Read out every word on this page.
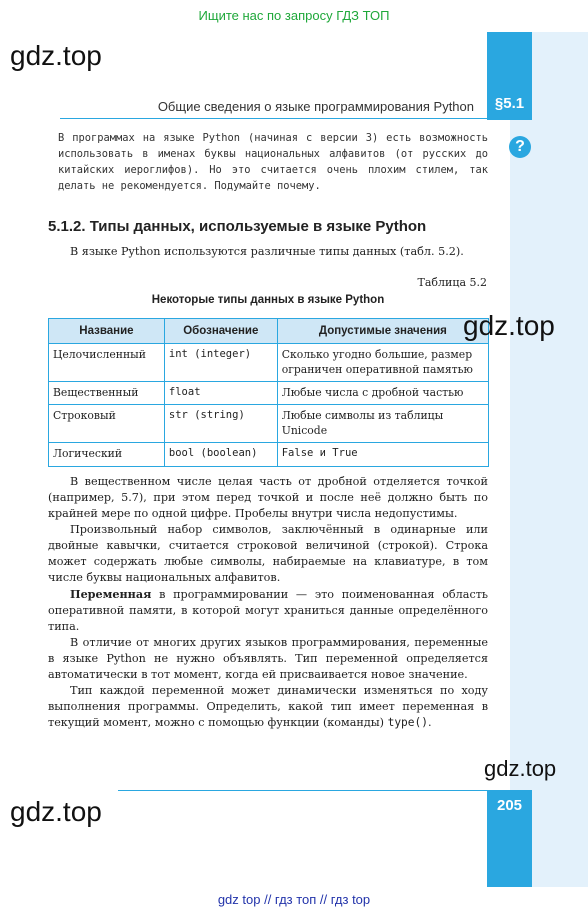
Ищите нас по запросу ГДЗ ТОП
gdz.top
Общие сведения о языке программирования Python	§5.1

В программах на языке Python (начиная с версии 3) есть возможность использовать в именах буквы национальных алфавитов (от русских до китайских иероглифов). Но это считается очень плохим стилем, так делать не рекомендуется. Подумайте почему.

?
5.1.2. Типы данных, используемые в языке Python

В языке Python используются различные типы данных (табл. 5.2).

Таблица 5.2
Некоторые типы данных в языке Python
Название	Обозначение	Допустимые значения
Целочисленный	int (integer)	Сколько угодно большие, размер ограничен оперативной памятью
Вещественный	float	Любые числа с дробной частью
Строковый	str (string)	Любые символы из таблицы Unicode
Логический	bool (boolean)	False и True
gdz.top

В вещественном числе целая часть от дробной отделяется точкой (например, 5.7), при этом перед точкой и после неё должно быть по крайней мере по одной цифре. Пробелы внутри числа недопустимы.

Произвольный набор символов, заключённый в одинарные или двойные кавычки, считается строковой величиной (строкой). Строка может содержать любые символы, набираемые на клавиатуре, в том числе буквы национальных алфавитов.

Переменная в программировании — это поименованная область оперативной памяти, в которой могут храниться данные определённого типа.

В отличие от многих других языков программирования, переменные в языке Python не нужно объявлять. Тип переменной определяется автоматически в тот момент, когда ей присваивается новое значение.

Тип каждой переменной может динамически изменяться по ходу выполнения программы. Определить, какой тип имеет переменная в текущий момент, можно с помощью функции (команды) type().

gdz.top
205
gdz.top
gdz top // гдз топ // гдз top
